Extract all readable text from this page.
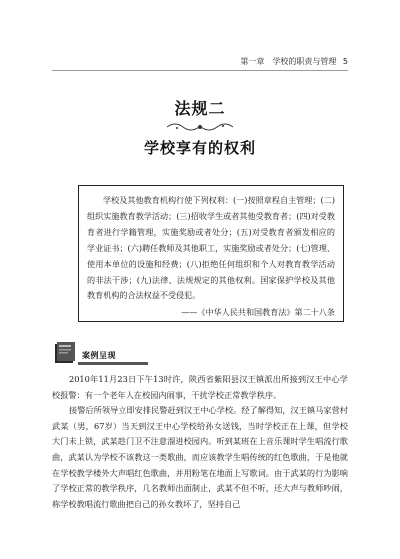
第一章　学校的职责与管理 5
法规二
学校享有的权利

学校及其他教育机构行使下列权利：(一)按照章程自主管理；(二)组织实施教育教学活动；(三)招收学生或者其他受教育者；(四)对受教育者进行学籍管理，实施奖励或者处分；(五)对受教育者颁发相应的学业证书；(六)聘任教师及其他职工，实施奖励或者处分；(七)管理、使用本单位的设施和经费；(八)拒绝任何组织和个人对教育教学活动的非法干涉；(九)法律、法规规定的其他权利。国家保护学校及其他教育机构的合法权益不受侵犯。

——《中华人民共和国教育法》第二十八条

案例呈现

2010年11月23日下午13时许，陕西省紫阳县汉王镇派出所接到汉王中心学校报警：有一个老年人在校园内闹事，干扰学校正常教学秩序。

接警后所领导立即安排民警赶到汉王中心学校。经了解得知，汉王镇马家营村武某（男，67岁）当天到汉王中心学校给孙女送钱，当时学校正在上课，但学校大门未上锁，武某趁门卫不注意溜进校园内。听到某班在上音乐课时学生唱流行歌曲，武某认为学校不该教这一类歌曲，而应该教学生唱传统的红色歌曲，于是他就在学校教学楼外大声唱红色歌曲，并用粉笔在地面上写歌词。由于武某的行为影响了学校正常的教学秩序，几名教师出面制止，武某不但不听，还大声与教师吵闹，称学校教唱流行歌曲把自己的孙女教坏了，坚持自己
